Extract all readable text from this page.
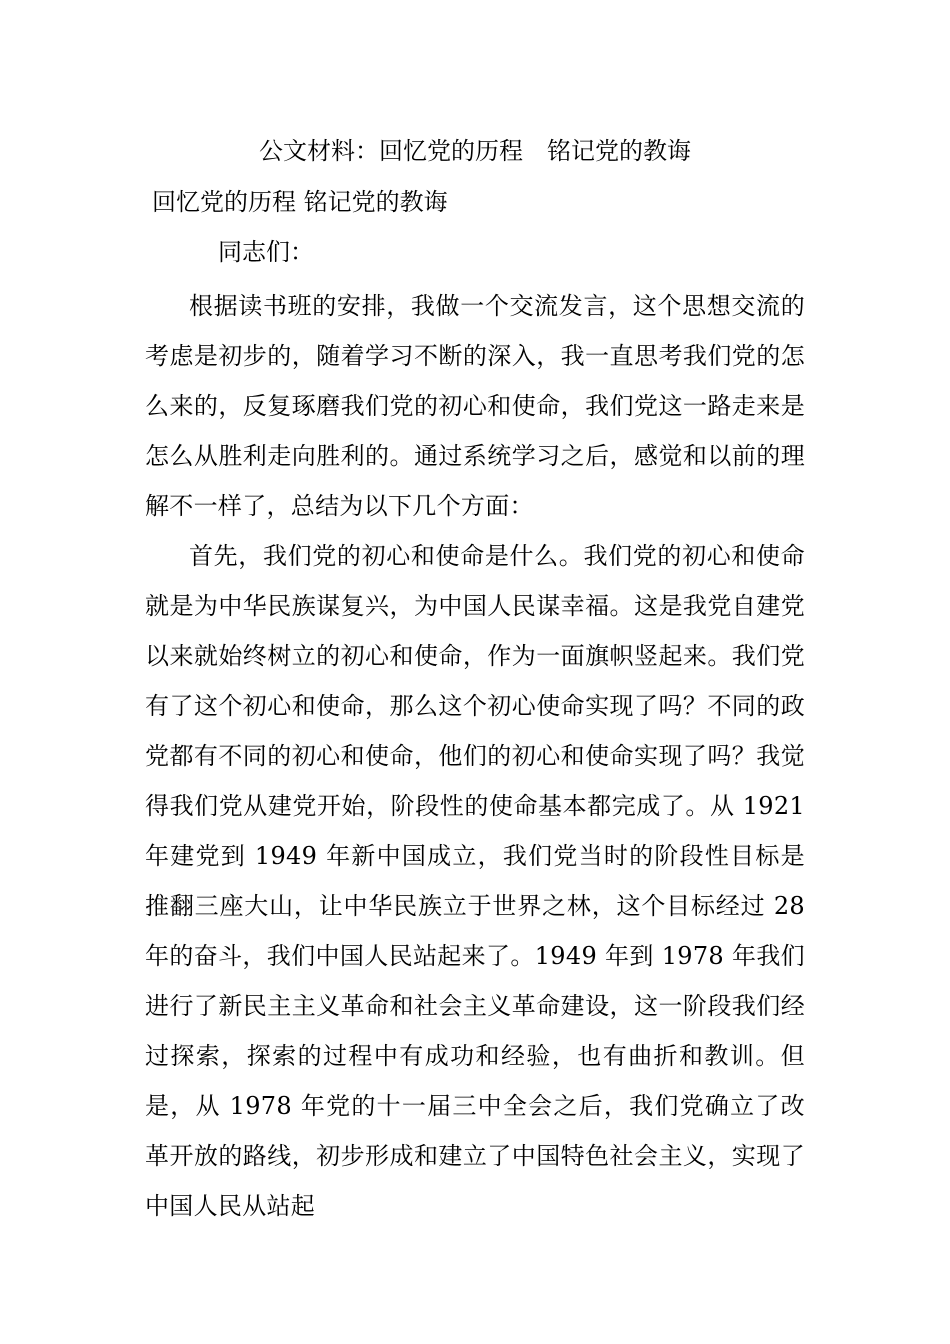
公文材料：回忆党的历程　铭记党的教诲
回忆党的历程 铭记党的教诲
同志们：

根据读书班的安排，我做一个交流发言，这个思想交流的考虑是初步的，随着学习不断的深入，我一直思考我们党的怎么来的，反复琢磨我们党的初心和使命，我们党这一路走来是怎么从胜利走向胜利的。通过系统学习之后，感觉和以前的理解不一样了，总结为以下几个方面：

首先，我们党的初心和使命是什么。我们党的初心和使命就是为中华民族谋复兴，为中国人民谋幸福。这是我党自建党以来就始终树立的初心和使命，作为一面旗帜竖起来。我们党有了这个初心和使命，那么这个初心使命实现了吗？不同的政党都有不同的初心和使命，他们的初心和使命实现了吗？我觉得我们党从建党开始，阶段性的使命基本都完成了。从 1921 年建党到 1949 年新中国成立，我们党当时的阶段性目标是推翻三座大山，让中华民族立于世界之林，这个目标经过 28 年的奋斗，我们中国人民站起来了。1949 年到 1978 年我们进行了新民主主义革命和社会主义革命建设，这一阶段我们经过探索，探索的过程中有成功和经验，也有曲折和教训。但是，从 1978 年党的十一届三中全会之后，我们党确立了改革开放的路线，初步形成和建立了中国特色社会主义，实现了中国人民从站起
